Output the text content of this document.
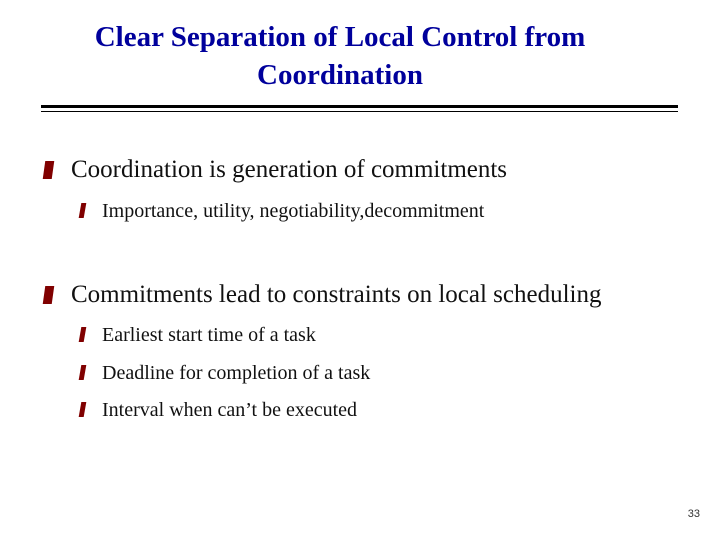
Clear Separation of Local Control from
Coordination
Coordination is generation of commitments
Importance, utility, negotiability,decommitment
Commitments lead to constraints on local scheduling
Earliest start time of a task
Deadline for completion of a task
Interval when can’t be executed
33
